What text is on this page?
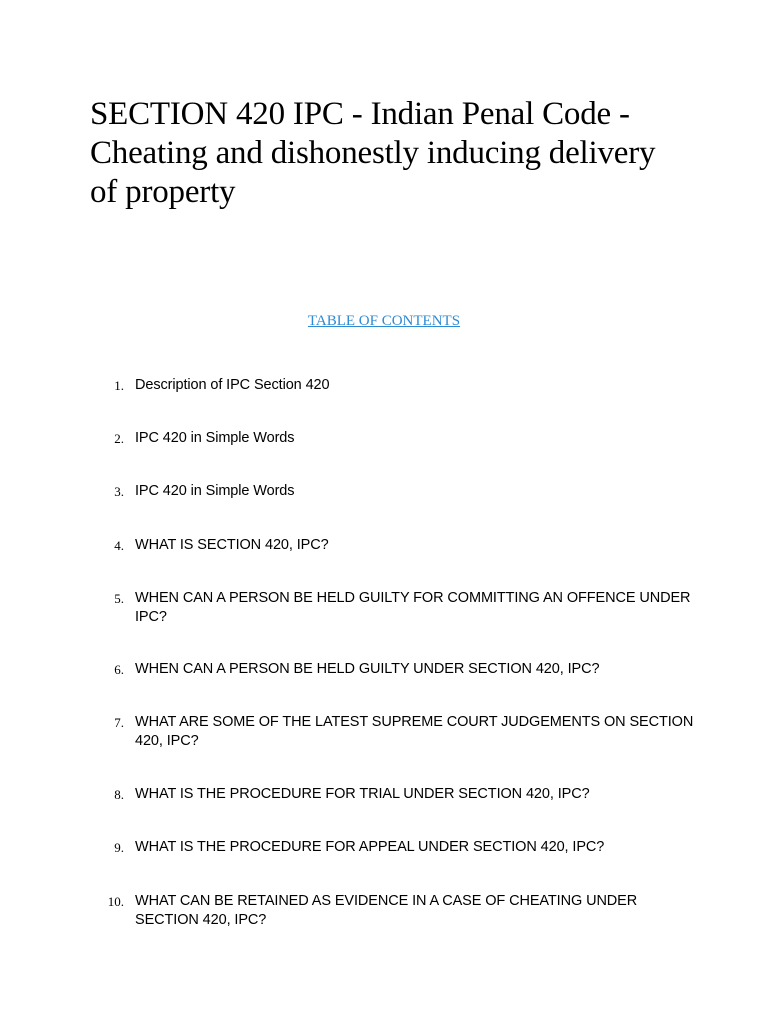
SECTION 420 IPC - Indian Penal Code - Cheating and dishonestly inducing delivery of property
TABLE OF CONTENTS
1. Description of IPC Section 420
2. IPC 420 in Simple Words
3. IPC 420 in Simple Words
4. WHAT IS SECTION 420, IPC?
5. WHEN CAN A PERSON BE HELD GUILTY FOR COMMITTING AN OFFENCE UNDER IPC?
6. WHEN CAN A PERSON BE HELD GUILTY UNDER SECTION 420, IPC?
7. WHAT ARE SOME OF THE LATEST SUPREME COURT JUDGEMENTS ON SECTION 420, IPC?
8. WHAT IS THE PROCEDURE FOR TRIAL UNDER SECTION 420, IPC?
9. WHAT IS THE PROCEDURE FOR APPEAL UNDER SECTION 420, IPC?
10. WHAT CAN BE RETAINED AS EVIDENCE IN A CASE OF CHEATING UNDER SECTION 420, IPC?
